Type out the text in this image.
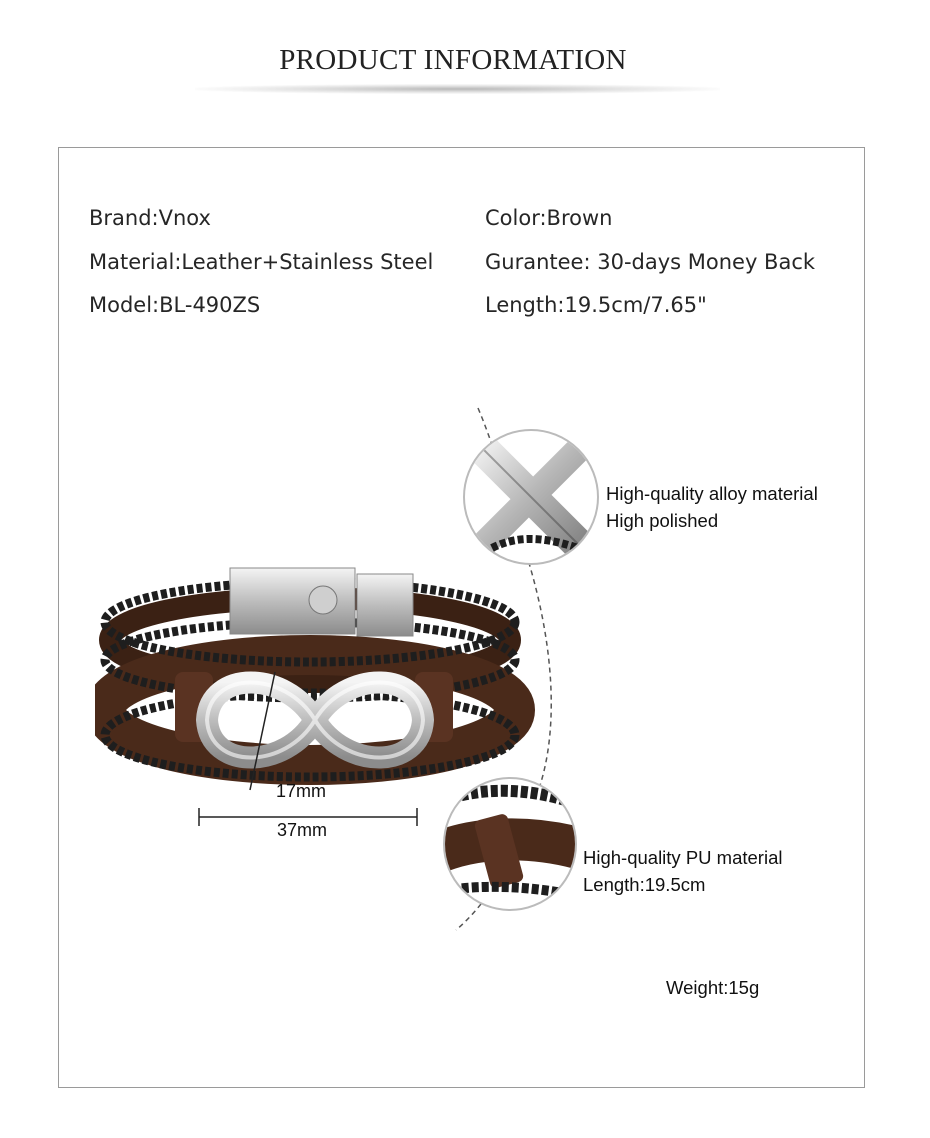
PRODUCT INFORMATION
Brand:Vnox
Material:Leather+Stainless Steel
Model:BL-490ZS
Color:Brown
Gurantee: 30-days Money Back
Length:19.5cm/7.65"
17mm
37mm
High-quality alloy material
High polished
High-quality PU material
Length:19.5cm
Weight:15g
